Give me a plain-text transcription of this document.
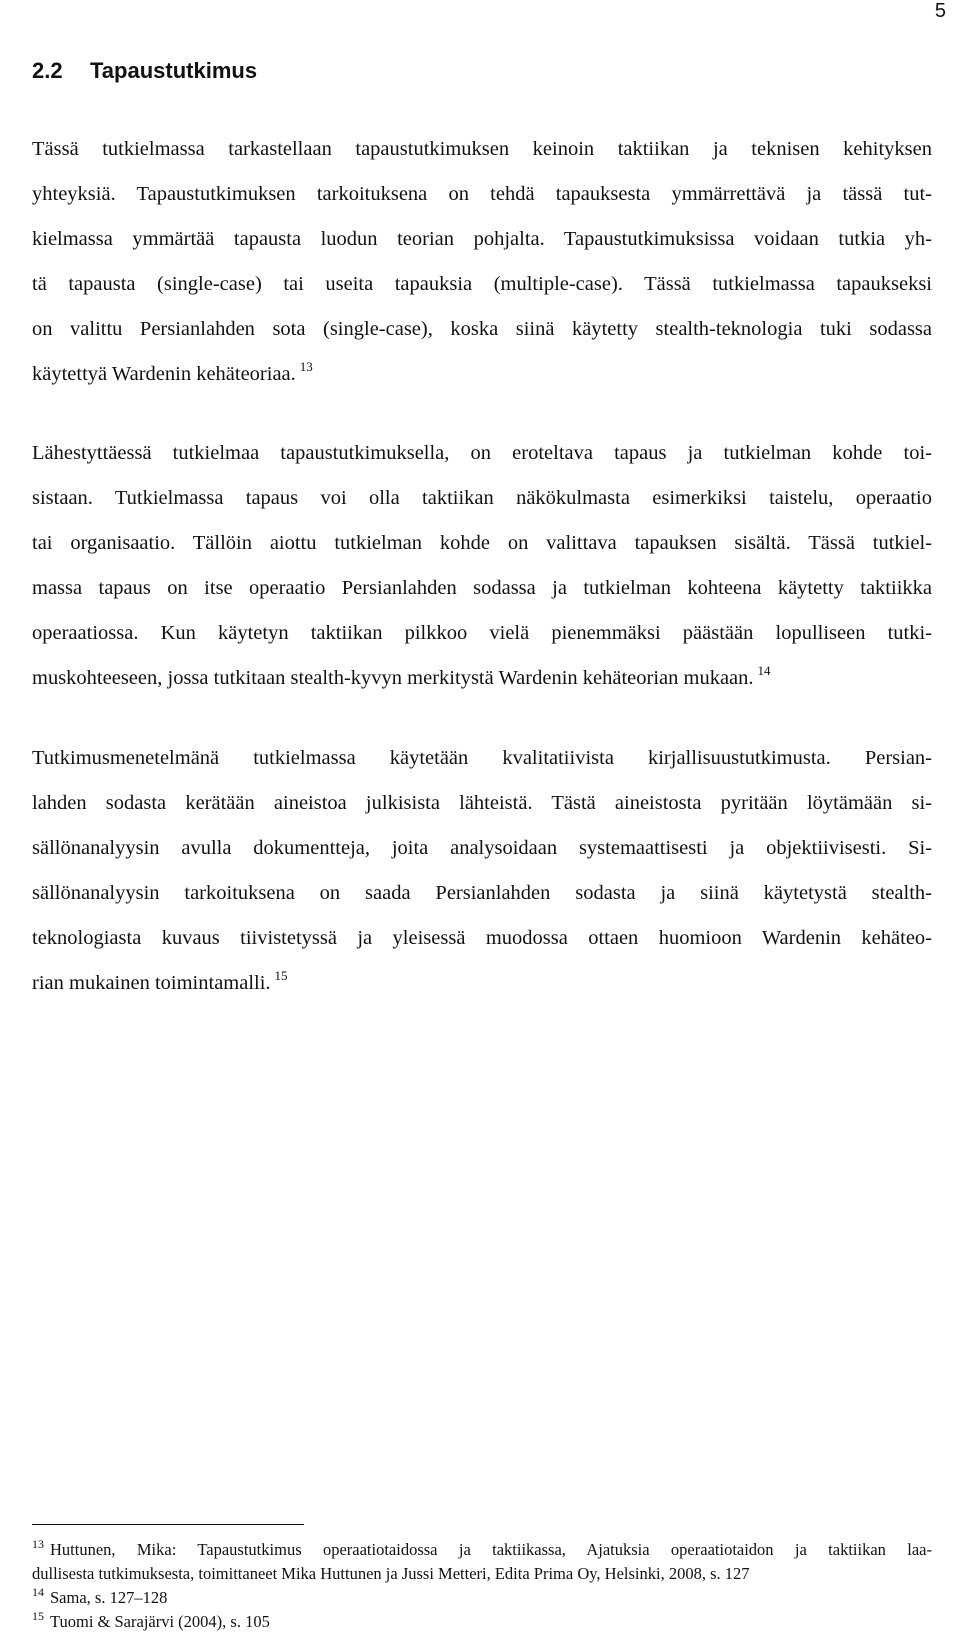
5
2.2 Tapaustutkimus
Tässä tutkielmassa tarkastellaan tapaustutkimuksen keinoin taktiikan ja teknisen kehityksen
yhteyksiä. Tapaustutkimuksen tarkoituksena on tehdä tapauksesta ymmärrettävä ja tässä tut-
kielmassa ymmärtää tapausta luodun teorian pohjalta. Tapaustutkimuksissa voidaan tutkia yh-
tä tapausta (single-case) tai useita tapauksia (multiple-case). Tässä tutkielmassa tapaukseksi
on valittu Persianlahden sota (single-case), koska siinä käytetty stealth-teknologia tuki sodassa
käytettyä Wardenin kehäteoriaa. $^{13}$
Lähestyttäessä tutkielmaa tapaustutkimuksella, on eroteltava tapaus ja tutkielman kohde toi-
sistaan. Tutkielmassa tapaus voi olla taktiikan näkökulmasta esimerkiksi taistelu, operaatio
tai organisaatio. Tällöin aiottu tutkielman kohde on valittava tapauksen sisältä. Tässä tutkiel-
massa tapaus on itse operaatio Persianlahden sodassa ja tutkielman kohteena käytetty taktiikka
operaatiossa. Kun käytetyn taktiikan pilkkoo vielä pienemmäksi päästään lopulliseen tutki-
muskohteeseen, jossa tutkitaan stealth-kyvyn merkitystä Wardenin kehäteorian mukaan. $^{14}$
Tutkimusmenetelmänä tutkielmassa käytetään kvalitatiivista kirjallisuustutkimusta. Persian-
lahden sodasta kerätään aineistoa julkisista lähteistä. Tästä aineistosta pyritään löytämään si-
sällönanalyysin avulla dokumentteja, joita analysoidaan systemaattisesti ja objektiivisesti. Si-
sällönanalyysin tarkoituksena on saada Persianlahden sodasta ja siinä käytetystä stealth-
teknologiasta kuvaus tiivistetyssä ja yleisessä muodossa ottaen huomioon Wardenin kehäteo-
rian mukainen toimintamalli. $^{15}$
$^{13}$ Huttunen, Mika: Tapaustutkimus operaatiotaidossa ja taktiikassa, Ajatuksia operaatiotaidon ja taktiikan laa-
dullisesta tutkimuksesta, toimittaneet Mika Huttunen ja Jussi Metteri, Edita Prima Oy, Helsinki, 2008, s. 127
$^{14}$ Sama, s. 127–128
$^{15}$ Tuomi & Sarajärvi (2004), s. 105
